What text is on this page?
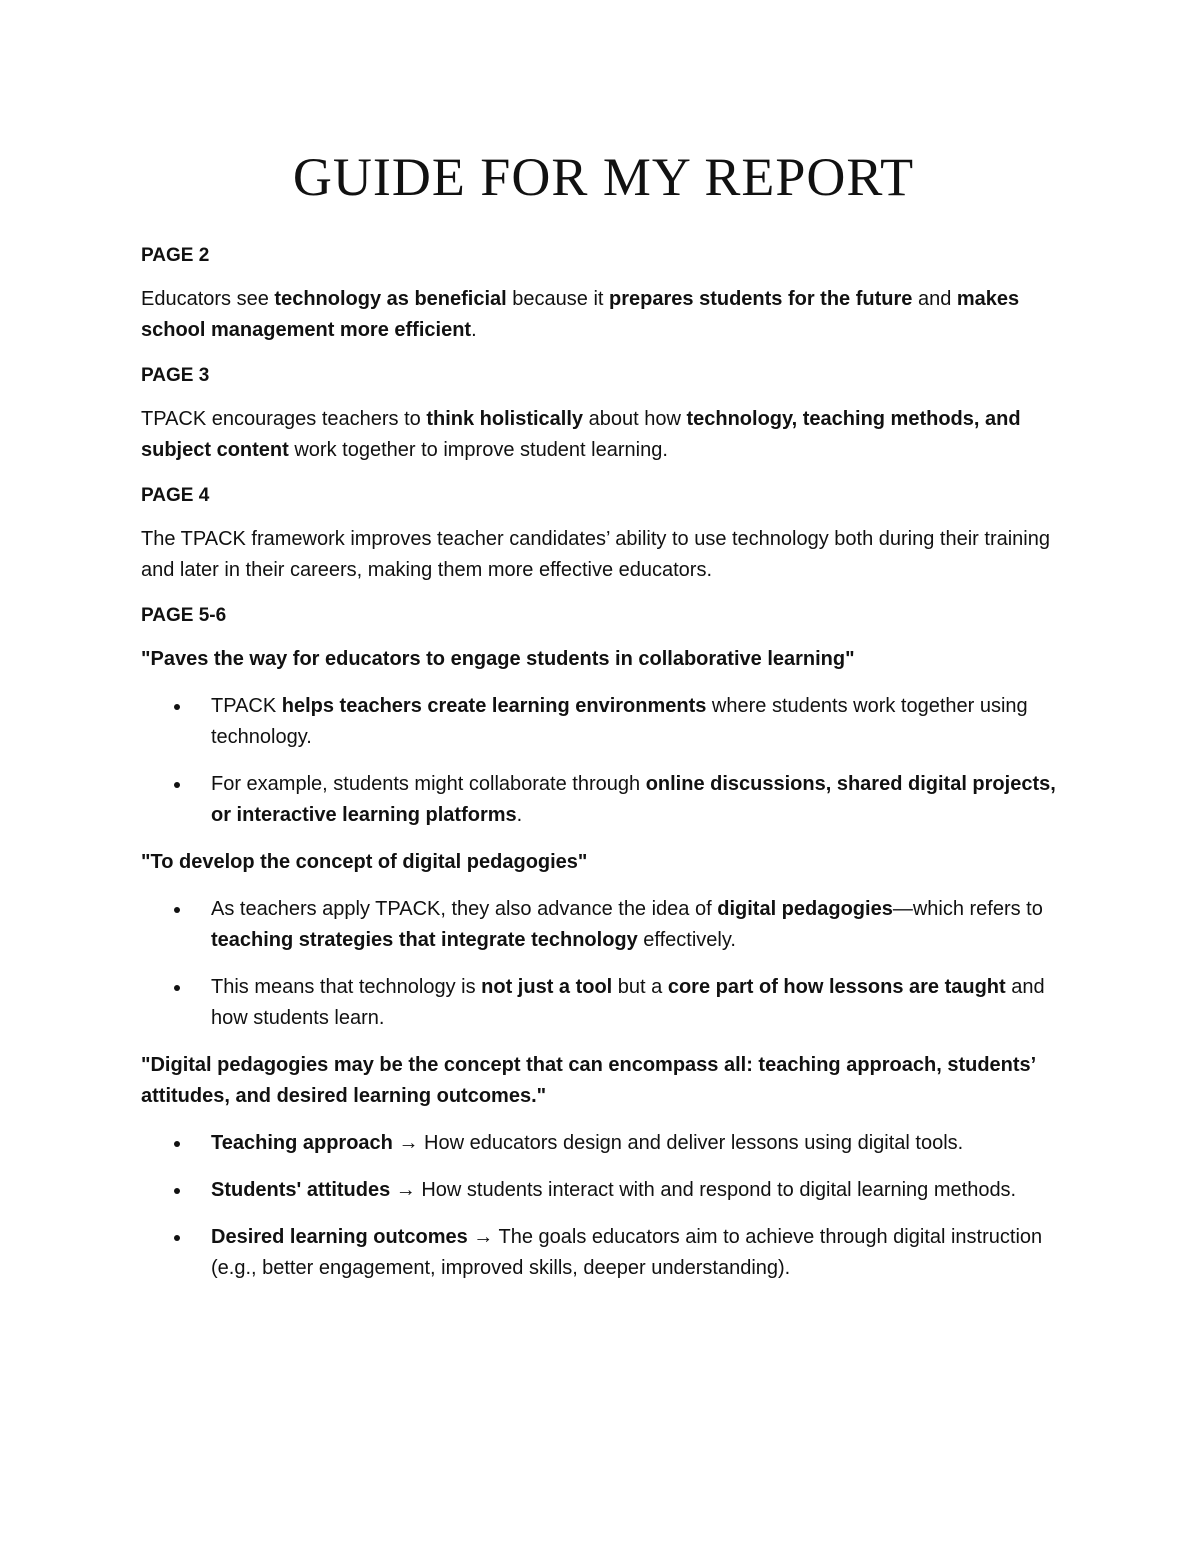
GUIDE FOR MY REPORT
PAGE 2

Educators see technology as beneficial because it prepares students for the future and makes school management more efficient.

PAGE 3

TPACK encourages teachers to think holistically about how technology, teaching methods, and subject content work together to improve student learning.

PAGE 4

The TPACK framework improves teacher candidates’ ability to use technology both during their training and later in their careers, making them more effective educators.

PAGE 5-6

"Paves the way for educators to engage students in collaborative learning"

TPACK helps teachers create learning environments where students work together using technology.
For example, students might collaborate through online discussions, shared digital projects, or interactive learning platforms.

"To develop the concept of digital pedagogies"

As teachers apply TPACK, they also advance the idea of digital pedagogies—which refers to teaching strategies that integrate technology effectively.
This means that technology is not just a tool but a core part of how lessons are taught and how students learn.

"Digital pedagogies may be the concept that can encompass all: teaching approach, students’ attitudes, and desired learning outcomes."

Teaching approach → How educators design and deliver lessons using digital tools.
Students' attitudes → How students interact with and respond to digital learning methods.
Desired learning outcomes → The goals educators aim to achieve through digital instruction (e.g., better engagement, improved skills, deeper understanding).
